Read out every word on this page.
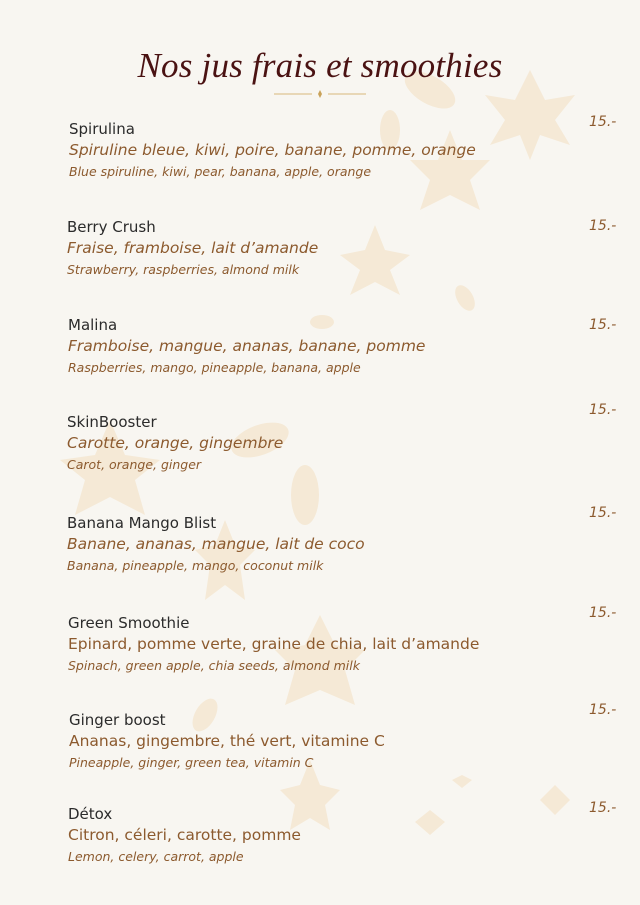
Nos jus frais et smoothies
Spirulina
Spiruline bleue, kiwi, poire, banane, pomme, orange
Blue spiruline, kiwi, pear, banana, apple, orange
15.-
Berry Crush
Fraise, framboise, lait d’amande
Strawberry, raspberries, almond milk
15.-
Malina
Framboise, mangue, ananas, banane, pomme
Raspberries, mango, pineapple, banana, apple
15.-
SkinBooster
Carotte, orange, gingembre
Carot, orange, ginger
15.-
Banana Mango Blist
Banane, ananas, mangue, lait de coco
Banana, pineapple, mango, coconut milk
15.-
Green Smoothie
Epinard, pomme verte, graine de chia, lait d’amande
Spinach, green apple, chia seeds, almond milk
15.-
Ginger boost
Ananas, gingembre, thé vert, vitamine C
Pineapple, ginger, green tea, vitamin C
15.-
Détox
Citron, céleri, carotte, pomme
Lemon, celery, carrot, apple
15.-
